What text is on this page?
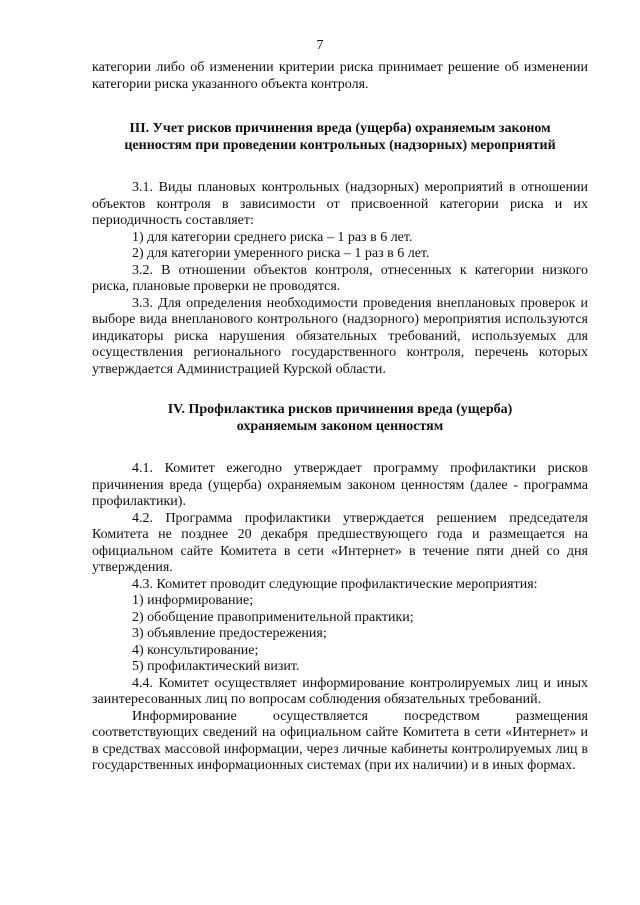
7

категории либо об изменении критерии риска принимает решение об изменении категории риска указанного объекта контроля.

III. Учет рисков причинения вреда (ущерба) охраняемым законом
ценностям при проведении контрольных (надзорных) мероприятий

3.1. Виды плановых контрольных (надзорных) мероприятий в отношении объектов контроля в зависимости от присвоенной категории риска и их периодичность составляет:

1) для категории среднего риска – 1 раз в 6 лет.

2) для категории умеренного риска – 1 раз в 6 лет.

3.2. В отношении объектов контроля, отнесенных к категории низкого риска, плановые проверки не проводятся.

3.3. Для определения необходимости проведения внеплановых проверок и выборе вида внепланового контрольного (надзорного) мероприятия используются индикаторы риска нарушения обязательных требований, используемых для осуществления регионального государственного контроля, перечень которых утверждается Администрацией Курской области.

IV. Профилактика рисков причинения вреда (ущерба)
охраняемым законом ценностям

4.1. Комитет ежегодно утверждает программу профилактики рисков причинения вреда (ущерба) охраняемым законом ценностям (далее - программа профилактики).

4.2. Программа профилактики утверждается решением председателя Комитета не позднее 20 декабря предшествующего года и размещается на официальном сайте Комитета в сети «Интернет» в течение пяти дней со дня утверждения.

4.3. Комитет проводит следующие профилактические мероприятия:

1) информирование;

2) обобщение правоприменительной практики;

3) объявление предостережения;

4) консультирование;

5) профилактический визит.

4.4. Комитет осуществляет информирование контролируемых лиц и иных заинтересованных лиц по вопросам соблюдения обязательных требований.

Информирование осуществляется посредством размещения соответствующих сведений на официальном сайте Комитета в сети «Интернет» и в средствах массовой информации, через личные кабинеты контролируемых лиц в государственных информационных системах (при их наличии) и в иных формах.
